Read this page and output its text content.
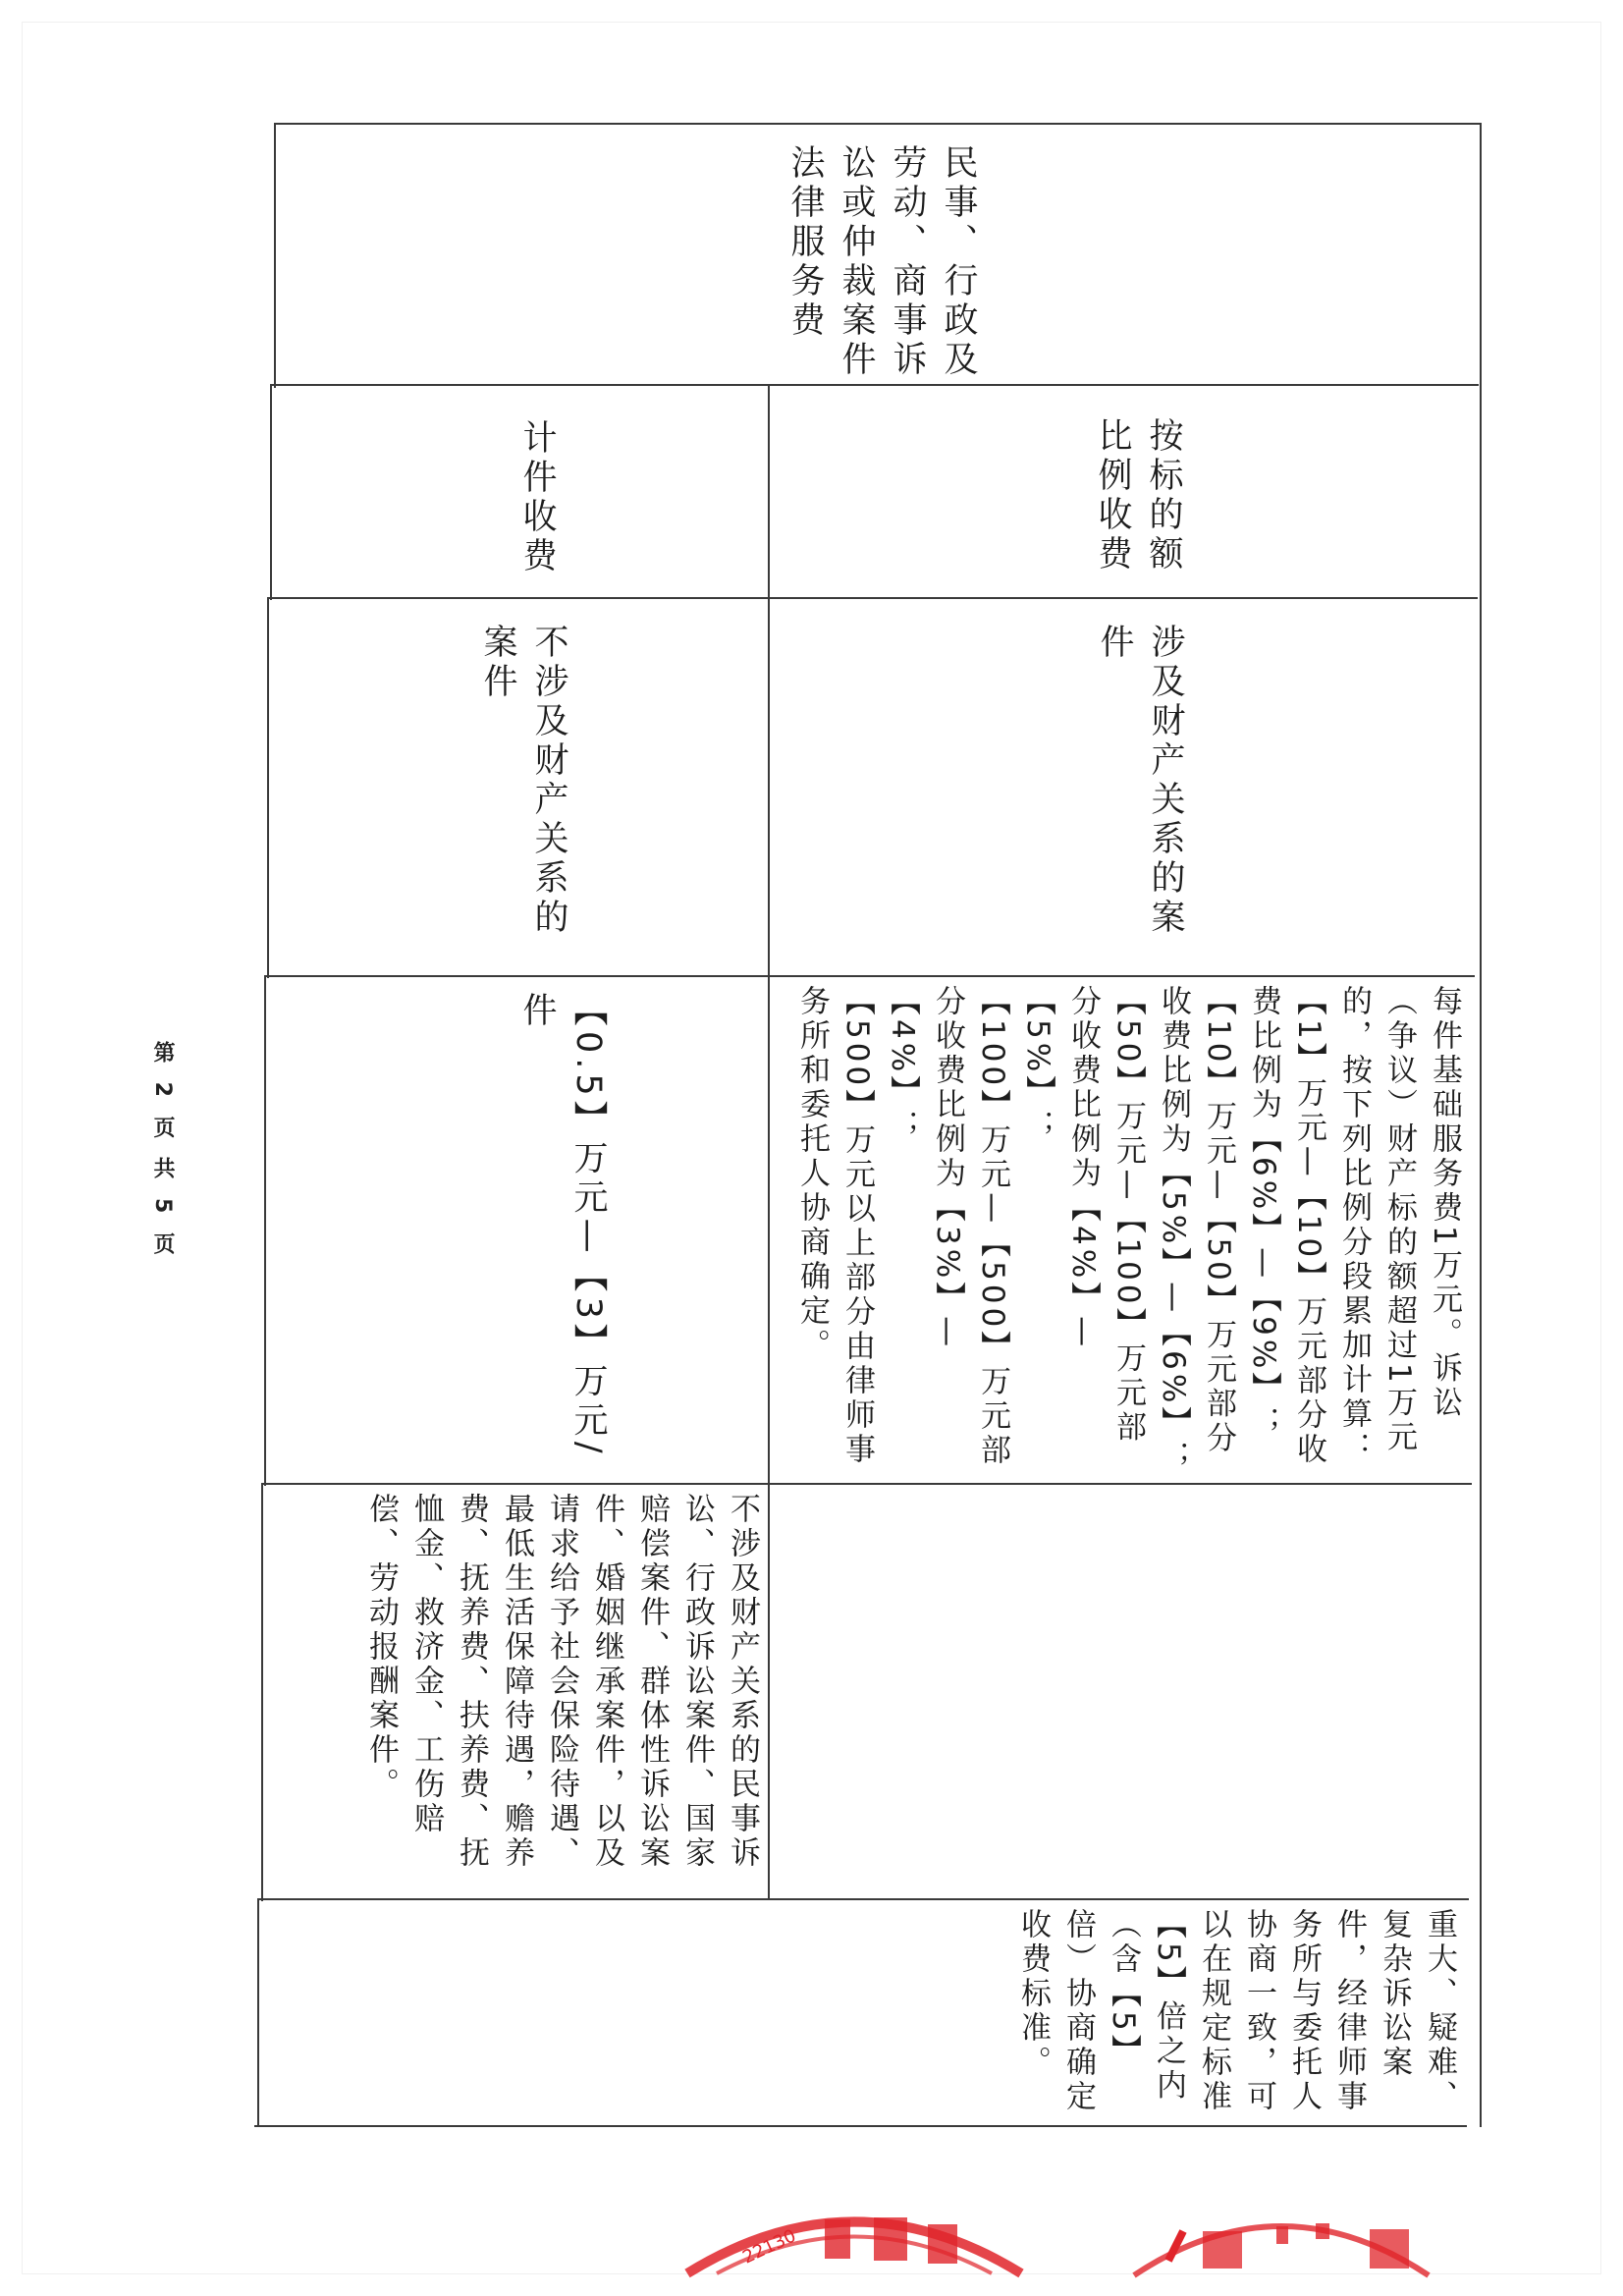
民事、行政及劳动、商事诉讼或仲裁案件法律服务费
按标的额比例收费
计件收费
涉及财产关系的案件
不涉及财产关系的案件
每件基础服务费1万元。诉讼（争议）财产标的额超过1万元的，按下列比例分段累加计算：
【1】万元—【10】万元部分收费比例为【6%】—【9%】；
【10】万元—【50】万元部分收费比例为【5%】—【6%】；
【50】万元—【100】万元部分收费比例为【4%】—【5%】；
【100】万元—【500】万元部分收费比例为【3%】—【4%】；
【500】万元以上部分由律师事务所和委托人协商确定。
【0.5】万元—【3】万元/件
不涉及财产关系的民事诉讼、行政诉讼案件、国家赔偿案件、群体性诉讼案件、婚姻继承案件，以及请求给予社会保险待遇、最低生活保障待遇，赡养费、抚养费、扶养费、抚恤金、救济金、工伤赔偿、劳动报酬案件。
重大、疑难、复杂诉讼案件，经律师事务所与委托人协商一致，可以在规定标准【5】倍之内（含【5】倍）协商确定收费标准。
第 2 页 共 5 页
22130
